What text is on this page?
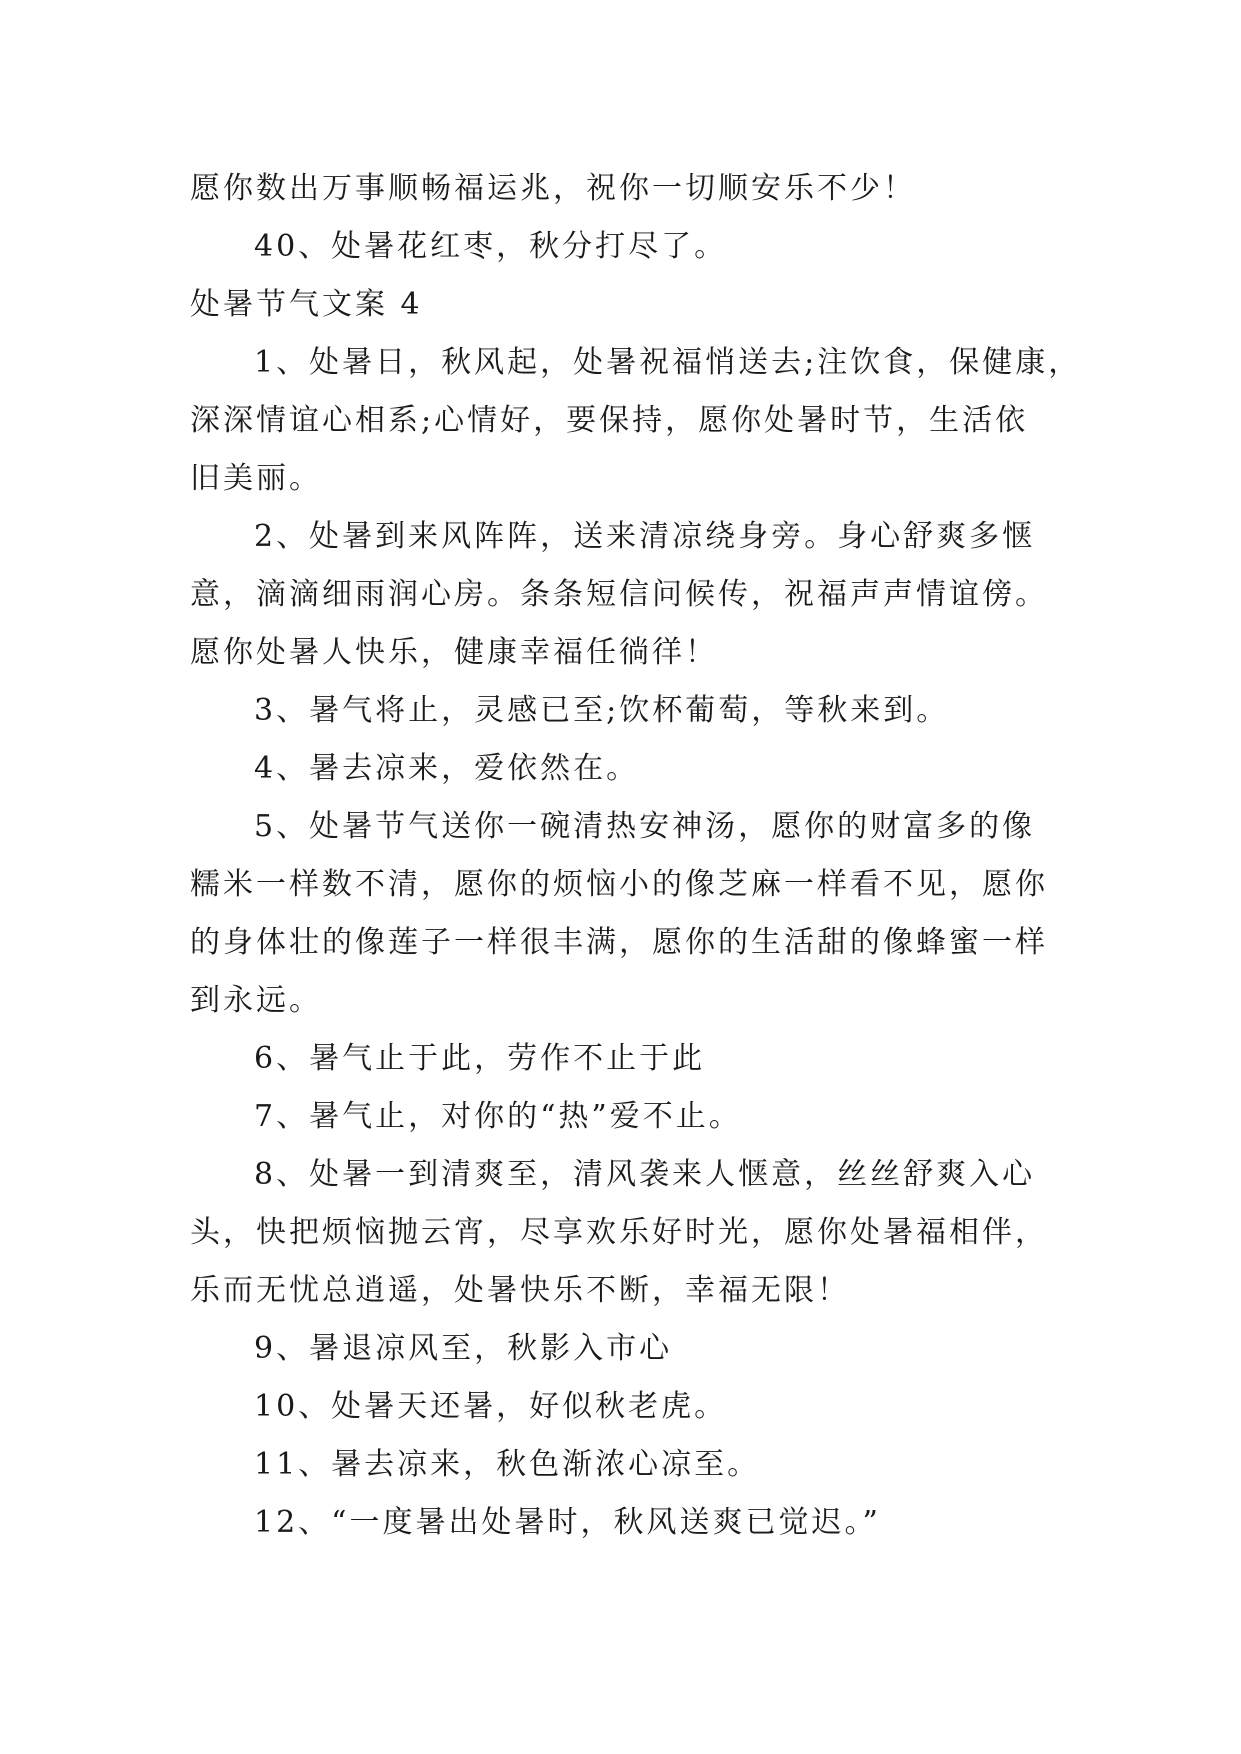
愿你数出万事顺畅福运兆，祝你一切顺安乐不少！
40、处暑花红枣，秋分打尽了。
处暑节气文案 4
1、处暑日，秋风起，处暑祝福悄送去;注饮食，保健康，
深深情谊心相系;心情好，要保持，愿你处暑时节，生活依
旧美丽。
2、处暑到来风阵阵，送来清凉绕身旁。身心舒爽多惬
意，滴滴细雨润心房。条条短信问候传，祝福声声情谊傍。
愿你处暑人快乐，健康幸福任徜徉！
3、暑气将止，灵感已至;饮杯葡萄，等秋来到。
4、暑去凉来，爱依然在。
5、处暑节气送你一碗清热安神汤，愿你的财富多的像
糯米一样数不清，愿你的烦恼小的像芝麻一样看不见，愿你
的身体壮的像莲子一样很丰满，愿你的生活甜的像蜂蜜一样
到永远。
6、暑气止于此，劳作不止于此
7、暑气止，对你的“热”爱不止。
8、处暑一到清爽至，清风袭来人惬意，丝丝舒爽入心
头，快把烦恼抛云宵，尽享欢乐好时光，愿你处暑福相伴，
乐而无忧总逍遥，处暑快乐不断，幸福无限！
9、暑退凉风至，秋影入市心
10、处暑天还暑，好似秋老虎。
11、暑去凉来，秋色渐浓心凉至。
12、“一度暑出处暑时，秋风送爽已觉迟。”
